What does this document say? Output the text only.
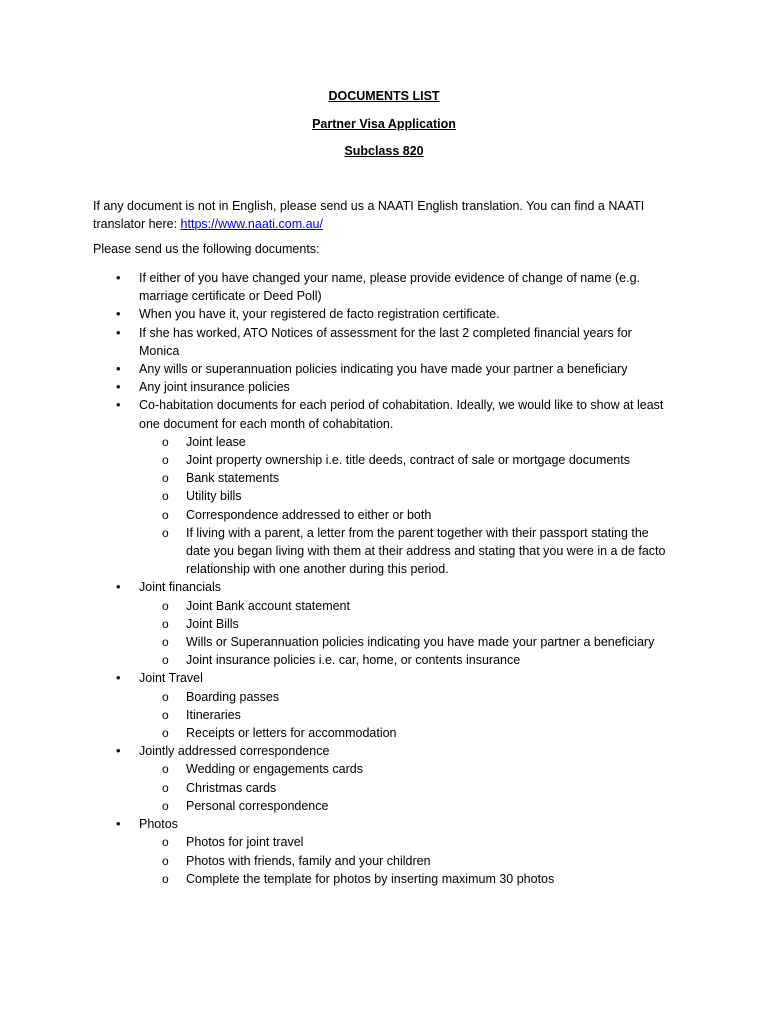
DOCUMENTS LIST
Partner Visa Application
Subclass 820
If any document is not in English, please send us a NAATI English translation. You can find a NAATI translator here: https://www.naati.com.au/
Please send us the following documents:
• If either of you have changed your name, please provide evidence of change of name (e.g. marriage certificate or Deed Poll)
• When you have it, your registered de facto registration certificate.
• If she has worked, ATO Notices of assessment for the last 2 completed financial years for Monica
• Any wills or superannuation policies indicating you have made your partner a beneficiary
• Any joint insurance policies
• Co-habitation documents for each period of cohabitation. Ideally, we would like to show at least one document for each month of cohabitation.
o Joint lease
o Joint property ownership i.e. title deeds, contract of sale or mortgage documents
o Bank statements
o Utility bills
o Correspondence addressed to either or both
o If living with a parent, a letter from the parent together with their passport stating the date you began living with them at their address and stating that you were in a de facto relationship with one another during this period.
• Joint financials
o Joint Bank account statement
o Joint Bills
o Wills or Superannuation policies indicating you have made your partner a beneficiary
o Joint insurance policies i.e. car, home, or contents insurance
• Joint Travel
o Boarding passes
o Itineraries
o Receipts or letters for accommodation
• Jointly addressed correspondence
o Wedding or engagements cards
o Christmas cards
o Personal correspondence
• Photos
o Photos for joint travel
o Photos with friends, family and your children
o Complete the template for photos by inserting maximum 30 photos
